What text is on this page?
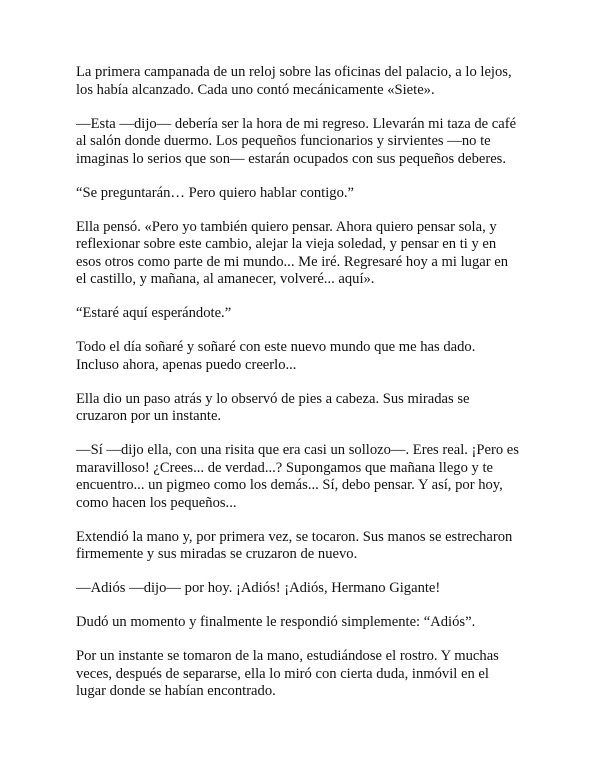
La primera campanada de un reloj sobre las oficinas del palacio, a lo lejos,
los había alcanzado. Cada uno contó mecánicamente «Siete».

—Esta —dijo— debería ser la hora de mi regreso. Llevarán mi taza de café
al salón donde duermo. Los pequeños funcionarios y sirvientes —no te
imaginas lo serios que son— estarán ocupados con sus pequeños deberes.

“Se preguntarán… Pero quiero hablar contigo.”

Ella pensó. «Pero yo también quiero pensar. Ahora quiero pensar sola, y
reflexionar sobre este cambio, alejar la vieja soledad, y pensar en ti y en
esos otros como parte de mi mundo... Me iré. Regresaré hoy a mi lugar en
el castillo, y mañana, al amanecer, volveré... aquí».

“Estaré aquí esperándote.”

Todo el día soñaré y soñaré con este nuevo mundo que me has dado.
Incluso ahora, apenas puedo creerlo...

Ella dio un paso atrás y lo observó de pies a cabeza. Sus miradas se
cruzaron por un instante.

—Sí —dijo ella, con una risita que era casi un sollozo—. Eres real. ¡Pero es
maravilloso! ¿Crees... de verdad...? Supongamos que mañana llego y te
encuentro... un pigmeo como los demás... Sí, debo pensar. Y así, por hoy,
como hacen los pequeños...

Extendió la mano y, por primera vez, se tocaron. Sus manos se estrecharon
firmemente y sus miradas se cruzaron de nuevo.

—Adiós —dijo— por hoy. ¡Adiós! ¡Adiós, Hermano Gigante!

Dudó un momento y finalmente le respondió simplemente: “Adiós”.

Por un instante se tomaron de la mano, estudiándose el rostro. Y muchas
veces, después de separarse, ella lo miró con cierta duda, inmóvil en el
lugar donde se habían encontrado.
